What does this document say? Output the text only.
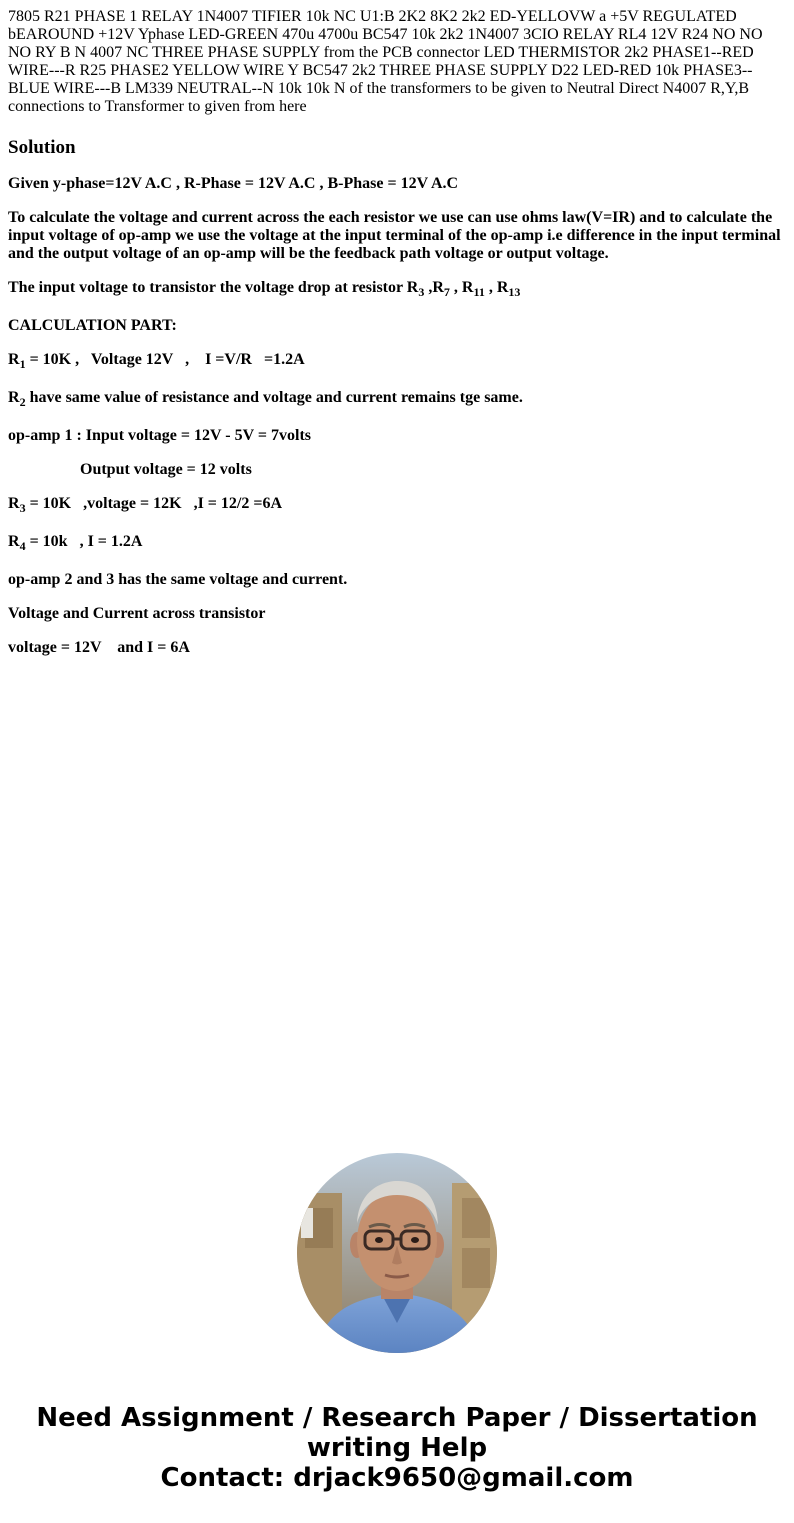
7805 R21 PHASE 1 RELAY 1N4007 TIFIER 10k NC U1:B 2K2 8K2 2k2 ED-YELLOVW a +5V REGULATED bEAROUND +12V Yphase LED-GREEN 470u 4700u BC547 10k 2k2 1N4007 3CIO RELAY RL4 12V R24 NO NO NO RY B N 4007 NC THREE PHASE SUPPLY from the PCB connector LED THERMISTOR 2k2 PHASE1--RED WIRE---R R25 PHASE2 YELLOW WIRE Y BC547 2k2 THREE PHASE SUPPLY D22 LED-RED 10k PHASE3--BLUE WIRE---B LM339 NEUTRAL--N 10k 10k N of the transformers to be given to Neutral Direct N4007 R,Y,B connections to Transformer to given from here
Solution
Given y-phase=12V A.C , R-Phase = 12V A.C , B-Phase = 12V A.C
To calculate the voltage and current across the each resistor we use can use ohms law(V=IR) and to calculate the input voltage of op-amp we use the voltage at the input terminal of the op-amp i.e difference in the input terminal and the output voltage of an op-amp will be the feedback path voltage or output voltage.
The input voltage to transistor the voltage drop at resistor $R_3$ $,R_7$ , $R_{11}$ , $R_{13}$
CALCULATION PART:
$R_1 = 10K$ ,   Voltage 12V   ,    I =V/R   =1.2A
$R_2$ have same value of resistance and voltage and current remains tge same.
op-amp 1 : Input voltage = 12V - 5V = 7volts
Output voltage = 12 volts
$R_3 = 10K$   ,voltage = 12K   ,I = 12/2 =6A
$R_4 = 10k$   , I = 1.2A
op-amp 2 and 3 has the same voltage and current.
Voltage and Current across transistor
voltage = 12V    and I = 6A
Need Assignment / Research Paper / Dissertation
writing Help
Contact: drjack9650@gmail.com
